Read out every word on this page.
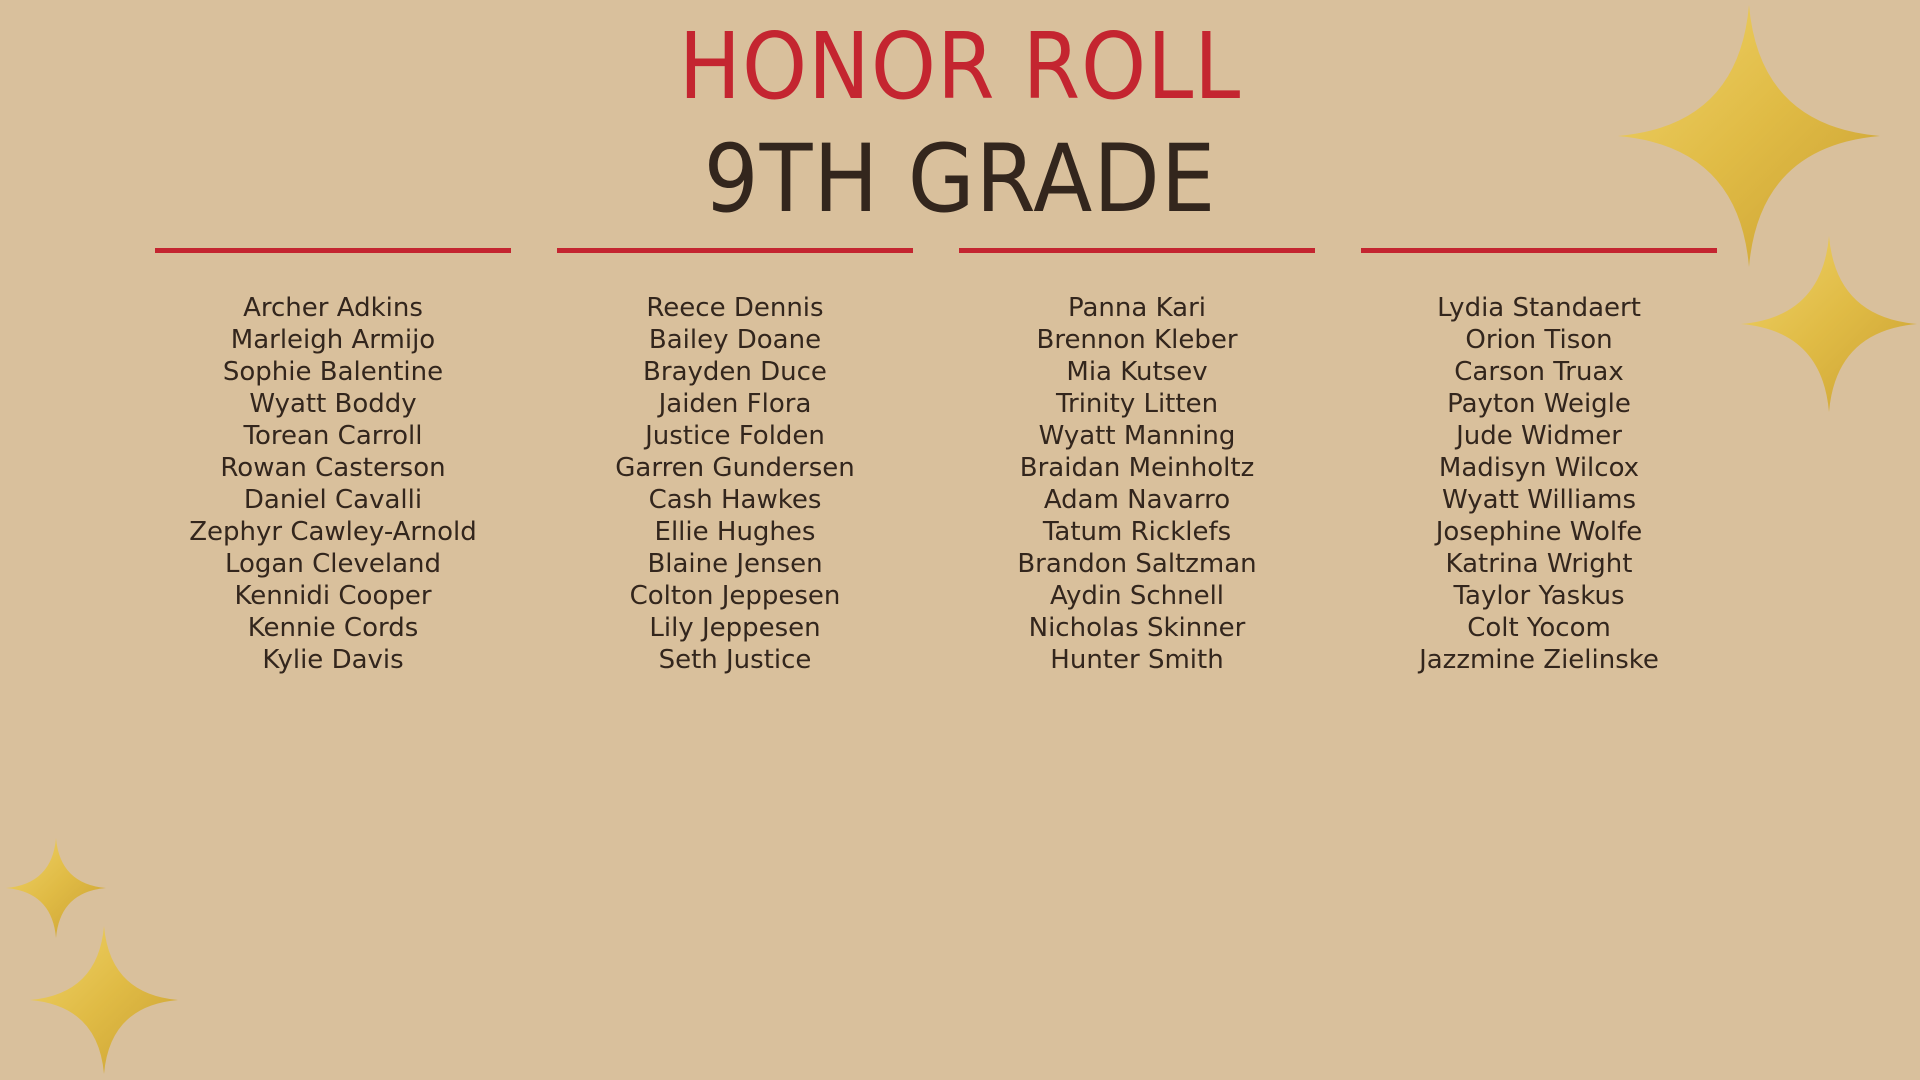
HONOR ROLL
9TH GRADE
Archer Adkins
Marleigh Armijo
Sophie Balentine
Wyatt Boddy
Torean Carroll
Rowan Casterson
Daniel Cavalli
Zephyr Cawley-Arnold
Logan Cleveland
Kennidi Cooper
Kennie Cords
Kylie Davis
Reece Dennis
Bailey Doane
Brayden Duce
Jaiden Flora
Justice Folden
Garren Gundersen
Cash Hawkes
Ellie Hughes
Blaine Jensen
Colton Jeppesen
Lily Jeppesen
Seth Justice
Panna Kari
Brennon Kleber
Mia Kutsev
Trinity Litten
Wyatt Manning
Braidan Meinholtz
Adam Navarro
Tatum Ricklefs
Brandon Saltzman
Aydin Schnell
Nicholas Skinner
Hunter Smith
Lydia Standaert
Orion Tison
Carson Truax
Payton Weigle
Jude Widmer
Madisyn Wilcox
Wyatt Williams
Josephine Wolfe
Katrina Wright
Taylor Yaskus
Colt Yocom
Jazzmine Zielinske
